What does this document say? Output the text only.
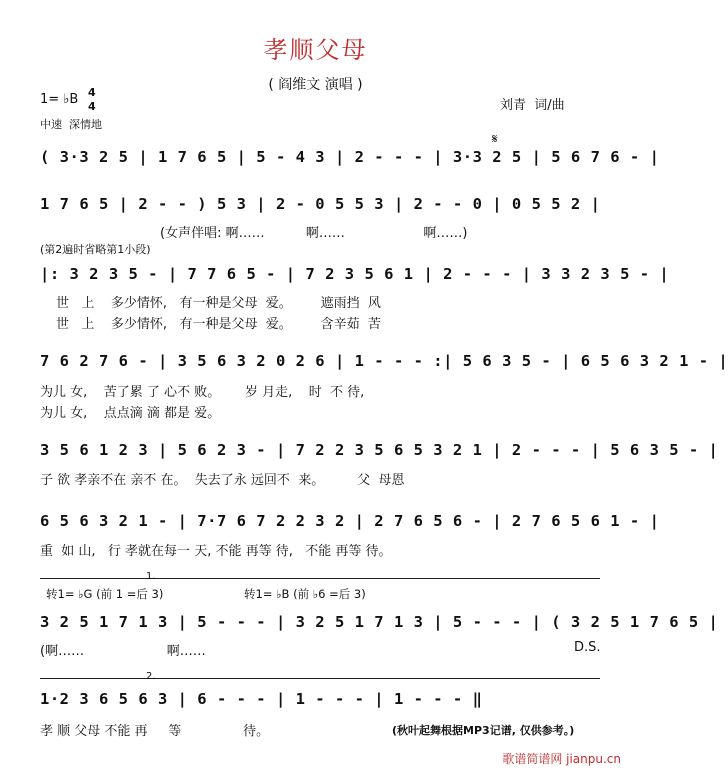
孝顺父母
( 阎维文 演唱 )
1= ♭B 4
4
中速  深情地
刘青  词/曲
𝄋
( 3·3 2 5 | 1 7 6 5 | 5 - 4 3 | 2 - - - | 3·3 2 5 | 5 6 7 6 - |
1 7 6 5 | 2 - - ) 5 3 | 2 - 0 5 5 3 | 2 - - 0 | 0 5 5 2 |
(女声伴唱: 啊……          啊……                   啊……)
(第2遍时省略第1小段)
|: 3 2 3 5 - | 7 7 6 5 - | 7 2 3 5 6 1 | 2 - - - | 3 3 2 3 5 - |
世   上    多少情怀,   有一种是父母  爱。       遮雨挡  风
世   上    多少情怀,   有一种是父母  爱。       含辛茹  苦
7 6 2 7 6 - | 3 5 6 3 2 0 2 6 | 1 - - - :| 5 6 3 5 - | 6 5 6 3 2 1 - |
为儿 女,    苦了累 了 心不 败。      岁 月走,    时  不 待,
为儿 女,    点点滴 滴 都是 爱。
3 5 6 1 2 3 | 5 6 2 3 - | 7 2 2 3 5 6 5 3 2 1 | 2 - - - | 5 6 3 5 - |
子 欲 孝亲不在 亲不 在。  失去了永 远回不  来。        父  母恩
6 5 6 3 2 1 - | 7·7 6 7 2 2 3 2 | 2 7 6 5 6 - | 2 7 6 5 6 1 - |
重  如 山,   行 孝就在每一 天, 不能 再等 待,   不能 再等 待。
1.
转1= ♭G (前 1 =后 3)	转1= ♭B (前 ♭6 =后 3)
3 2 5 1 7 1 3 | 5 - - - | 3 2 5 1 7 1 3 | 5 - - - | ( 3 2 5 1 7 6 5 |
(啊……                    啊……	D.S.
2.
1·2 3 6 5 6 3 | 6 - - - | 1 - - - | 1 - - - ‖
孝 顺 父母 不能 再     等               待。	(秋叶起舞根据MP3记谱, 仅供参考。)
歌谱简谱网 jianpu.cn
